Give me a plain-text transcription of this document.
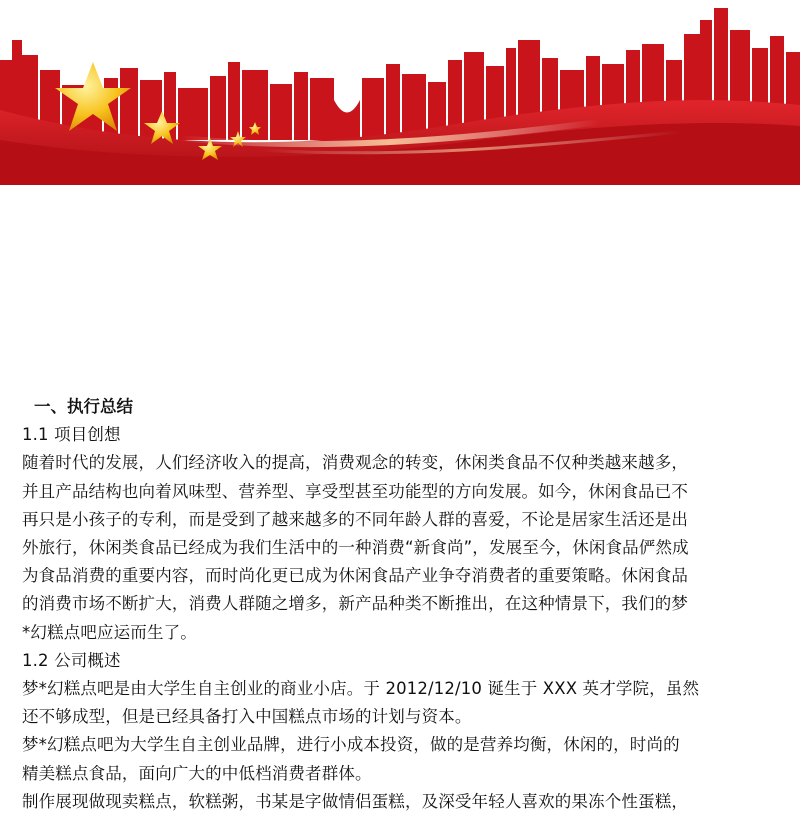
一、执行总结
1.1 项目创想
随着时代的发展，人们经济收入的提高，消费观念的转变，休闲类食品不仅种类越来越多，
并且产品结构也向着风味型、营养型、享受型甚至功能型的方向发展。如今，休闲食品已不
再只是小孩子的专利，而是受到了越来越多的不同年龄人群的喜爱，不论是居家生活还是出
外旅行，休闲类食品已经成为我们生活中的一种消费“新食尚”，发展至今，休闲食品俨然成
为食品消费的重要内容，而时尚化更已成为休闲食品产业争夺消费者的重要策略。休闲食品
的消费市场不断扩大，消费人群随之增多，新产品种类不断推出，在这种情景下，我们的梦
*幻糕点吧应运而生了。
1.2 公司概述
梦*幻糕点吧是由大学生自主创业的商业小店。于 2012/12/10 诞生于 XXX 英才学院，虽然
还不够成型，但是已经具备打入中国糕点市场的计划与资本。
梦*幻糕点吧为大学生自主创业品牌，进行小成本投资，做的是营养均衡，休闲的，时尚的
精美糕点食品，面向广大的中低档消费者群体。
制作展现做现卖糕点，软糕粥，书某是字做情侣蛋糕，及深受年轻人喜欢的果冻个性蛋糕，
